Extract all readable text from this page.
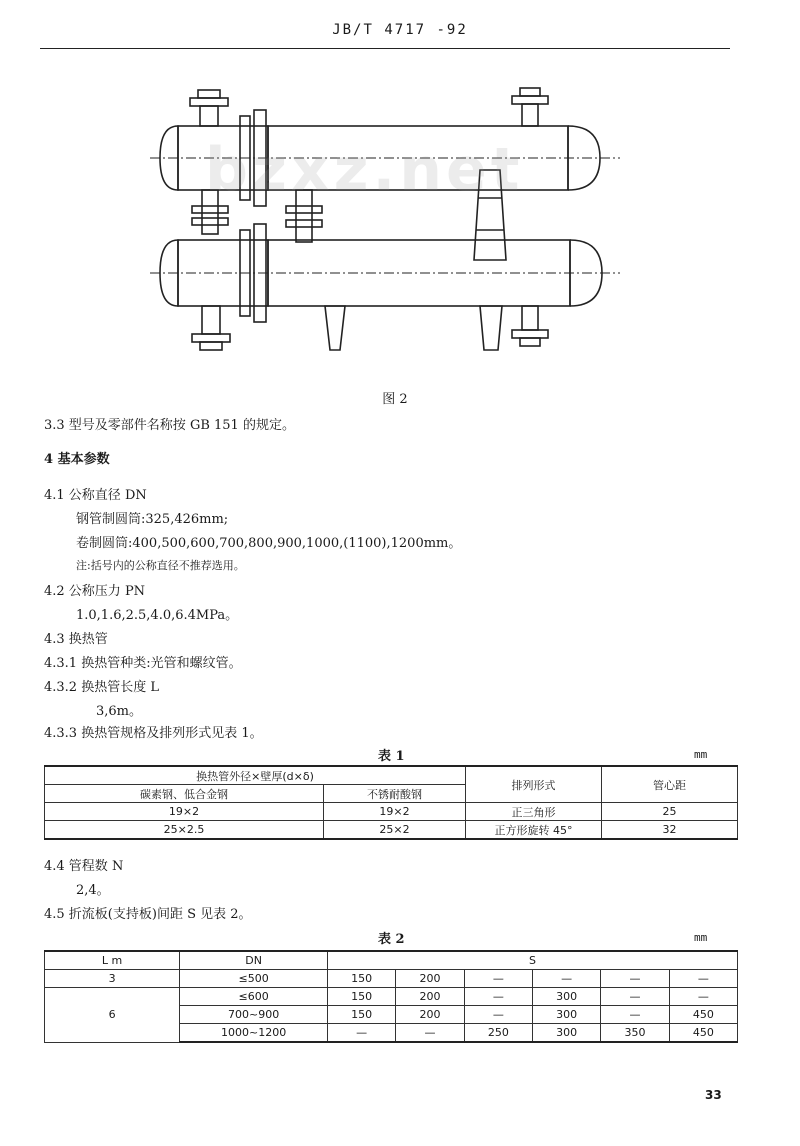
JB/T 4717 -92
bzxz.net
图 2
3.3 型号及零部件名称按 GB 151 的规定。
4 基本参数
4.1 公称直径 DN
钢管制圆筒:325,426mm;
卷制圆筒:400,500,600,700,800,900,1000,(1100),1200mm。
注:括号内的公称直径不推荐选用。
4.2 公称压力 PN
1.0,1.6,2.5,4.0,6.4MPa。
4.3 换热管
4.3.1 换热管种类:光管和螺纹管。
4.3.2 换热管长度 L
3,6m。
4.3.3 换热管规格及排列形式见表 1。
表 1	mm
换热管外径×壁厚(d×δ)		排列形式	管心距
碳素钢、低合金钢	不锈耐酸钢		
19×2	19×2	正三角形	25
25×2.5	25×2	正方形旋转 45°	32
4.4 管程数 N
2,4。
4.5 折流板(支持板)间距 S 见表 2。
表 2	mm
L m	DN	S					
3	≤500	150	200	—	—	—	—
6	≤600	150	200	—	300	—	—
	700~900	150	200	—	300	—	450
	1000~1200	—	—	250	300	350	450
33
